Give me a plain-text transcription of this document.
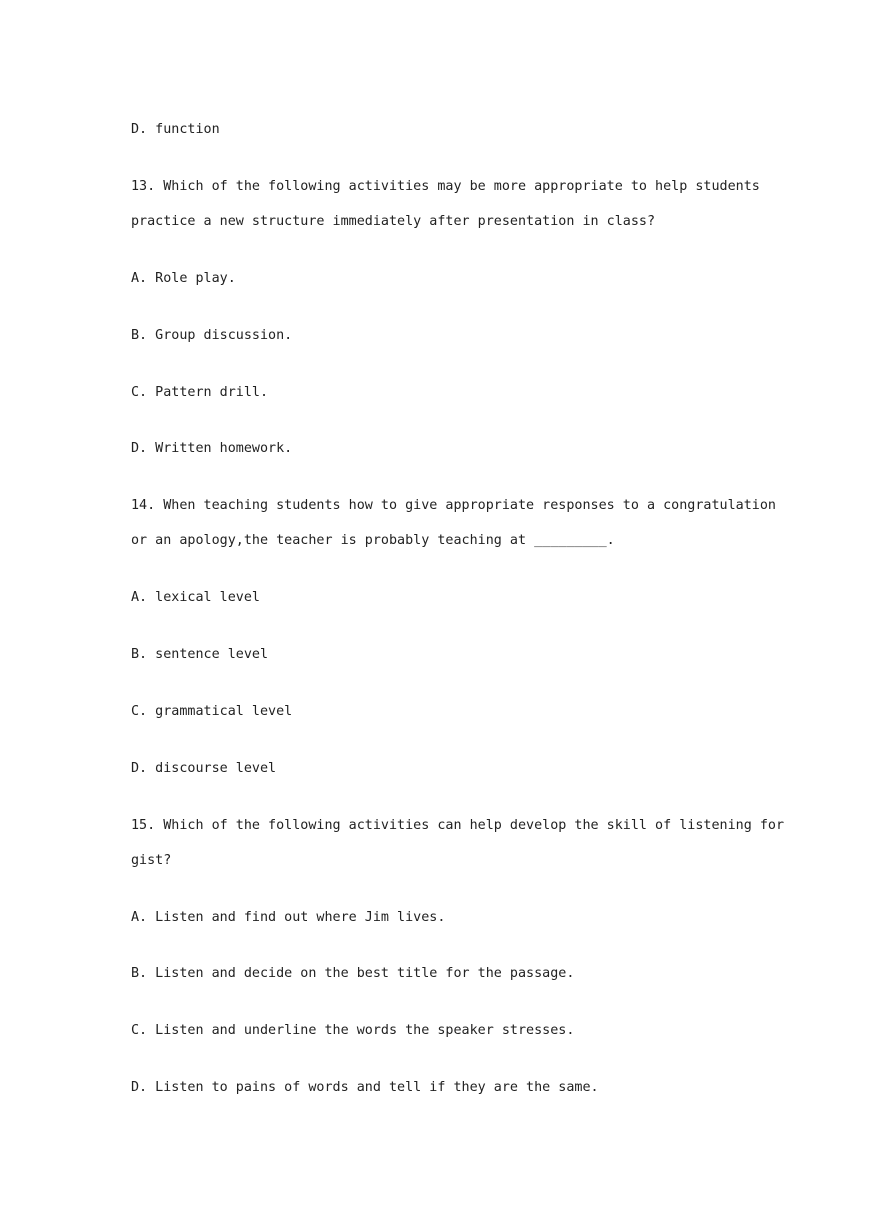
D. function

13. Which of the following activities may be more appropriate to help students

practice a new structure immediately after presentation in class?

A. Role play.

B. Group discussion.

C. Pattern drill.

D. Written homework.

14. When teaching students how to give appropriate responses to a congratulation

or an apology,the teacher is probably teaching at _________.

A. lexical level

B. sentence level

C. grammatical level

D. discourse level

15. Which of the following activities can help develop the skill of listening for

gist?

A. Listen and find out where Jim lives.

B. Listen and decide on the best title for the passage.

C. Listen and underline the words the speaker stresses.

D. Listen to pains of words and tell if they are the same.
